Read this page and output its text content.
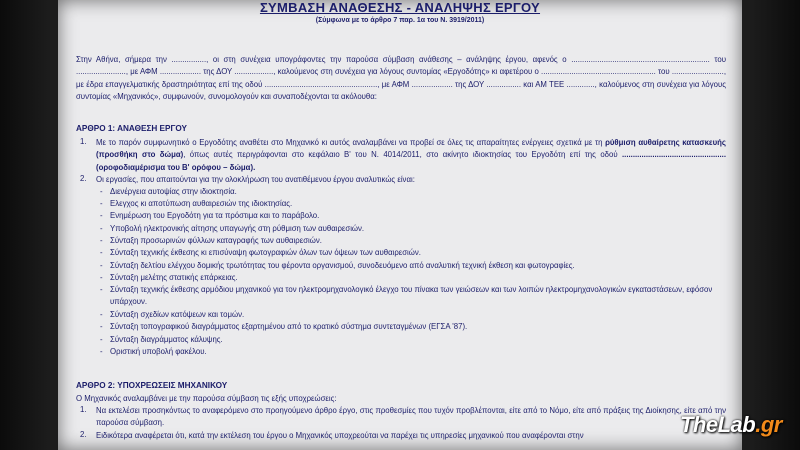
ΣΥΜΒΑΣΗ ΑΝΑΘΕΣΗΣ - ΑΝΑΛΗΨΗΣ ΕΡΓΟΥ
(Σύμφωνα με το άρθρο 7 παρ. 1α του Ν. 3919/2011)
Στην Αθήνα, σήμερα την ................, οι στη συνέχεια υπογράφοντες την παρούσα σύμβαση ανάθεσης – ανάληψης έργου, αφενός ο ................................................................ του ......................., με ΑΦΜ ................... της ΔΟΥ .................., καλούμενος στη συνέχεια για λόγους συντομίας «Εργοδότης» κι αφετέρου ο ..................................................... του ........................, με έδρα επαγγελματικής δραστηριότητας επί της οδού ...................................................., με ΑΦΜ ................... της ΔΟΥ ................ και ΑΜ ΤΕΕ ............., καλούμενος στη συνέχεια για λόγους συντομίας «Μηχανικός», συμφωνούν, συνομολογούν και συναποδέχονται τα ακόλουθα:
ΑΡΘΡΟ 1: ΑΝΑΘΕΣΗ ΕΡΓΟΥ
1. Με το παρόν συμφωνητικό ο Εργοδότης αναθέτει στο Μηχανικό κι αυτός αναλαμβάνει να προβεί σε όλες τις απαραίτητες ενέργειες σχετικά με τη ρύθμιση αυθαίρετης κατασκευής (προσθήκη στο δώμα), όπως αυτές περιγράφονται στο κεφάλαιο Β' του Ν. 4014/2011, στο ακίνητο ιδιοκτησίας του Εργοδότη επί της οδού ................................................ (οροφοδιαμέρισμα του Β' ορόφου – δώμα).
2. Οι εργασίες, που απαιτούνται για την ολοκλήρωση του ανατιθέμενου έργου αναλυτικώς είναι:
- Διενέργεια αυτοψίας στην ιδιοκτησία.
- Ελεγχος κι αποτύπωση αυθαιρεσιών της ιδιοκτησίας.
- Ενημέρωση του Εργοδότη για τα πρόστιμα και το παράβολο.
- Υποβολή ηλεκτρονικής αίτησης υπαγωγής στη ρύθμιση των αυθαιρεσιών.
- Σύνταξη προσωρινών φύλλων καταγραφής των αυθαιρεσιών.
- Σύνταξη τεχνικής έκθεσης κι επισύναψη φωτογραφιών όλων των όψεων των αυθαιρεσιών.
- Σύνταξη δελτίου ελέγχου δομικής τρωτότητας του φέροντα οργανισμού, συνοδευόμενο από αναλυτική τεχνική έκθεση και φωτογραφίες.
- Σύνταξη μελέτης στατικής επάρκειας.
- Σύνταξη τεχνικής έκθεσης αρμόδιου μηχανικού για τον ηλεκτρομηχανολογικό έλεγχο του πίνακα των γειώσεων και των λοιπών ηλεκτρομηχανολογικών εγκαταστάσεων, εφόσον υπάρχουν.
- Σύνταξη σχεδίων κατόψεων και τομών.
- Σύνταξη τοπογραφικού διαγράμματος εξαρτημένου από το κρατικό σύστημα συντεταγμένων (ΕΓΣΑ '87).
- Σύνταξη διαγράμματος κάλυψης.
- Οριστική υποβολή φακέλου.
ΑΡΘΡΟ 2: ΥΠΟΧΡΕΩΣΕΙΣ ΜΗΧΑΝΙΚΟΥ
Ο Μηχανικός αναλαμβάνει με την παρούσα σύμβαση τις εξής υποχρεώσεις:
1. Να εκτελέσει προσηκόντως το αναφερόμενο στο προηγούμενο άρθρο έργο, στις προθεσμίες που τυχόν προβλέπονται, είτε από το Νόμο, είτε από πράξεις της Διοίκησης, είτε από την παρούσα σύμβαση.
2. Ειδικότερα αναφέρεται ότι, κατά την εκτέλεση του έργου ο Μηχανικός υποχρεούται να παρέχει τις υπηρεσίες μηχανικού που αναφέρονται στην	TheLab.gr
